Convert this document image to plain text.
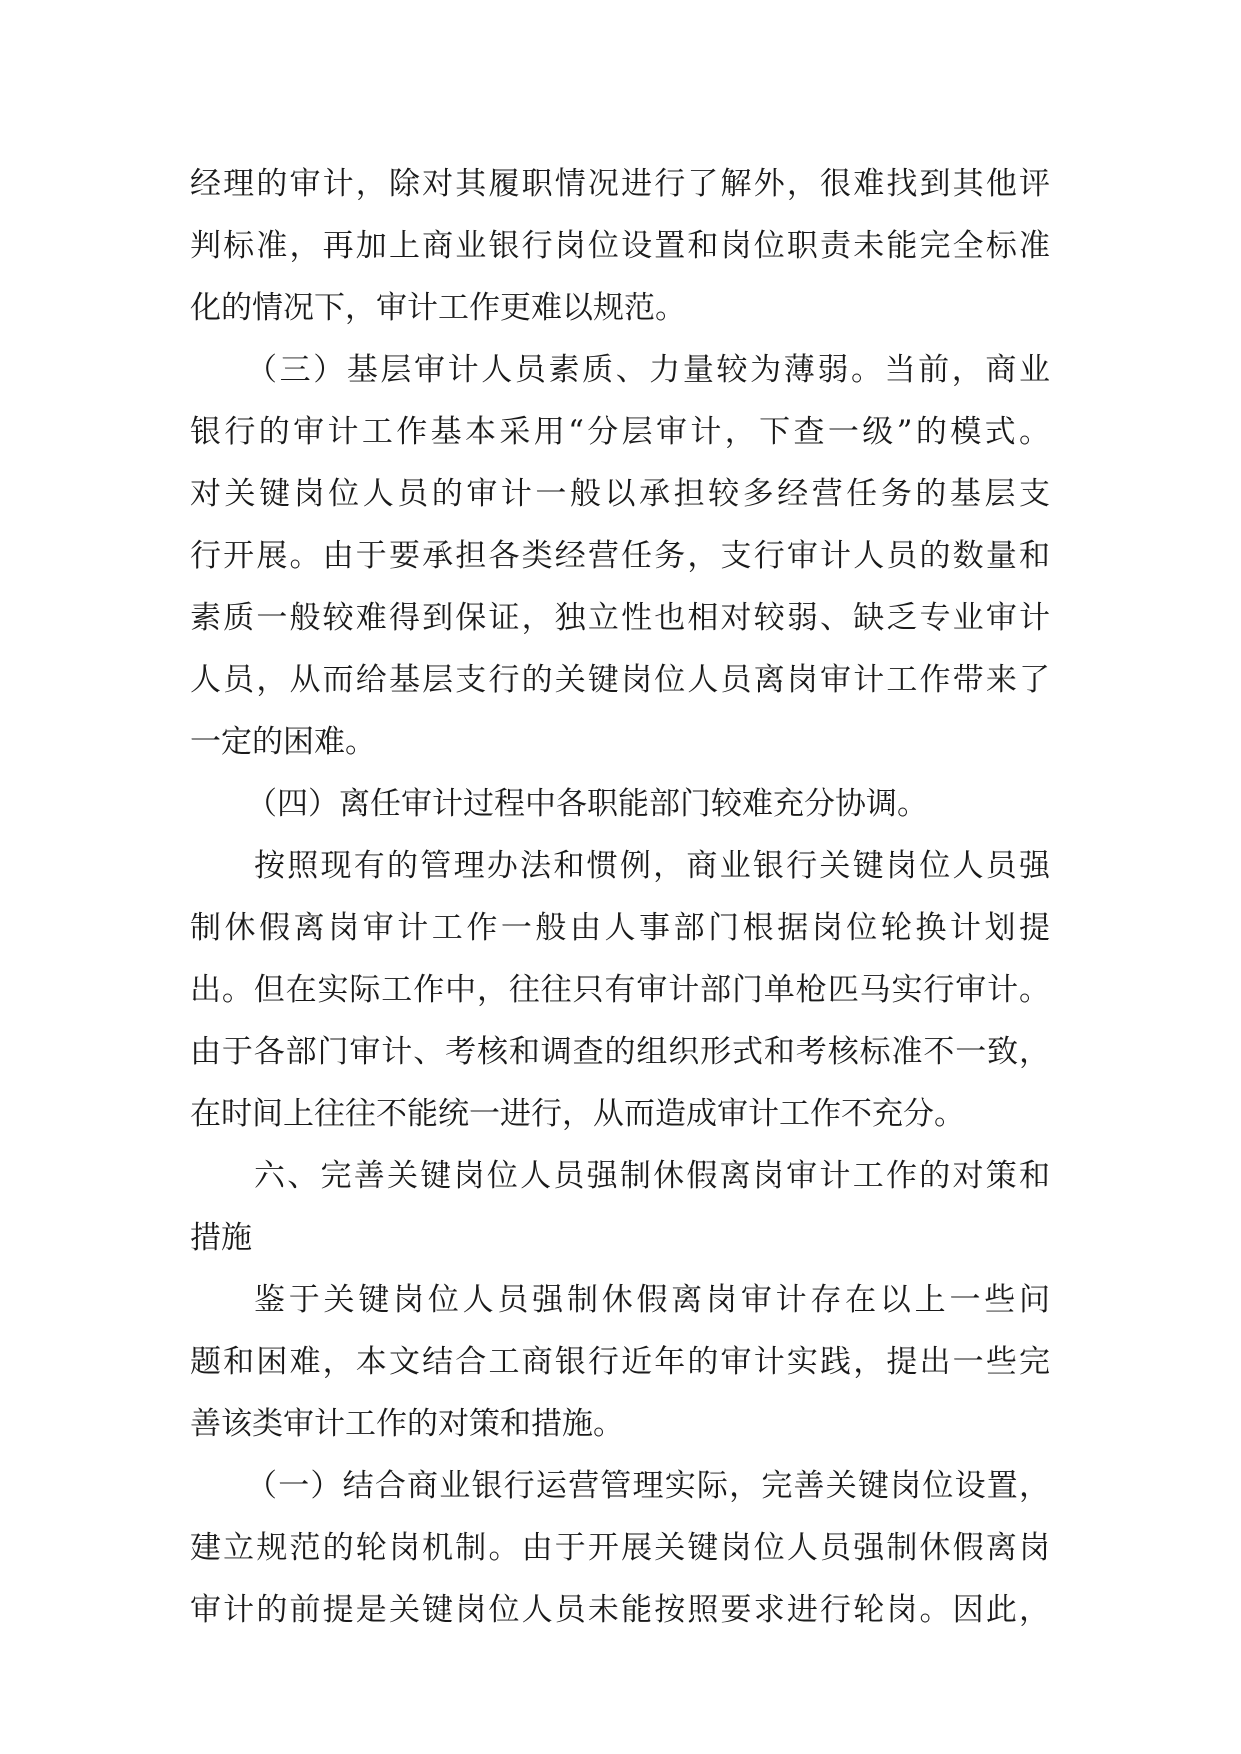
经理的审计，除对其履职情况进行了解外，很难找到其他评
判标准，再加上商业银行岗位设置和岗位职责未能完全标准
化的情况下，审计工作更难以规范。
（三）基层审计人员素质、力量较为薄弱。当前，商业
银行的审计工作基本采用“分层审计，下查一级”的模式。
对关键岗位人员的审计一般以承担较多经营任务的基层支
行开展。由于要承担各类经营任务，支行审计人员的数量和
素质一般较难得到保证，独立性也相对较弱、缺乏专业审计
人员，从而给基层支行的关键岗位人员离岗审计工作带来了
一定的困难。
（四）离任审计过程中各职能部门较难充分协调。
按照现有的管理办法和惯例，商业银行关键岗位人员强
制休假离岗审计工作一般由人事部门根据岗位轮换计划提
出。但在实际工作中，往往只有审计部门单枪匹马实行审计。
由于各部门审计、考核和调查的组织形式和考核标准不一致，
在时间上往往不能统一进行，从而造成审计工作不充分。
六、完善关键岗位人员强制休假离岗审计工作的对策和
措施
鉴于关键岗位人员强制休假离岗审计存在以上一些问
题和困难，本文结合工商银行近年的审计实践，提出一些完
善该类审计工作的对策和措施。
（一）结合商业银行运营管理实际，完善关键岗位设置，
建立规范的轮岗机制。由于开展关键岗位人员强制休假离岗
审计的前提是关键岗位人员未能按照要求进行轮岗。因此，
